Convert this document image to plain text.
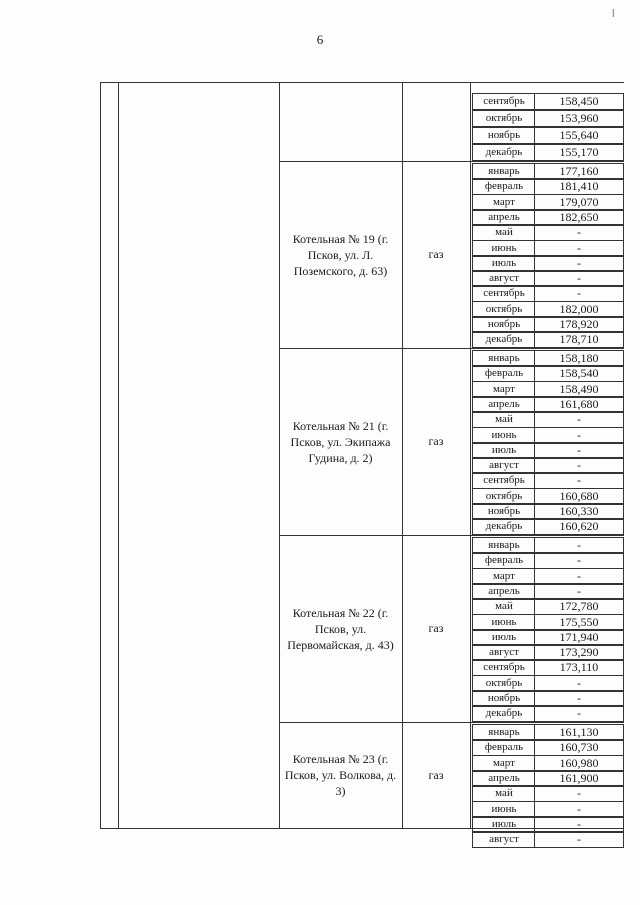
6
ǀ
сентябрь	158,450
октябрь	153,960
ноябрь	155,640
декабрь	155,170
Котельная № 19 (г. Псков, ул. Л. Поземского, д. 63)
газ
январь	177,160
февраль	181,410
март	179,070
апрель	182,650
май	-
июнь	-
июль	-
август	-
сентябрь	-
октябрь	182,000
ноябрь	178,920
декабрь	178,710
Котельная № 21 (г. Псков, ул. Экипажа Гудина, д. 2)
газ
январь	158,180
февраль	158,540
март	158,490
апрель	161,680
май	-
июнь	-
июль	-
август	-
сентябрь	-
октябрь	160,680
ноябрь	160,330
декабрь	160,620
Котельная № 22 (г. Псков, ул. Первомайская, д. 43)
газ
январь	-
февраль	-
март	-
апрель	-
май	172,780
июнь	175,550
июль	171,940
август	173,290
сентябрь	173,110
октябрь	-
ноябрь	-
декабрь	-
Котельная № 23 (г. Псков, ул. Волкова, д. 3)
газ
январь	161,130
февраль	160,730
март	160,980
апрель	161,900
май	-
июнь	-
июль	-
август	-
